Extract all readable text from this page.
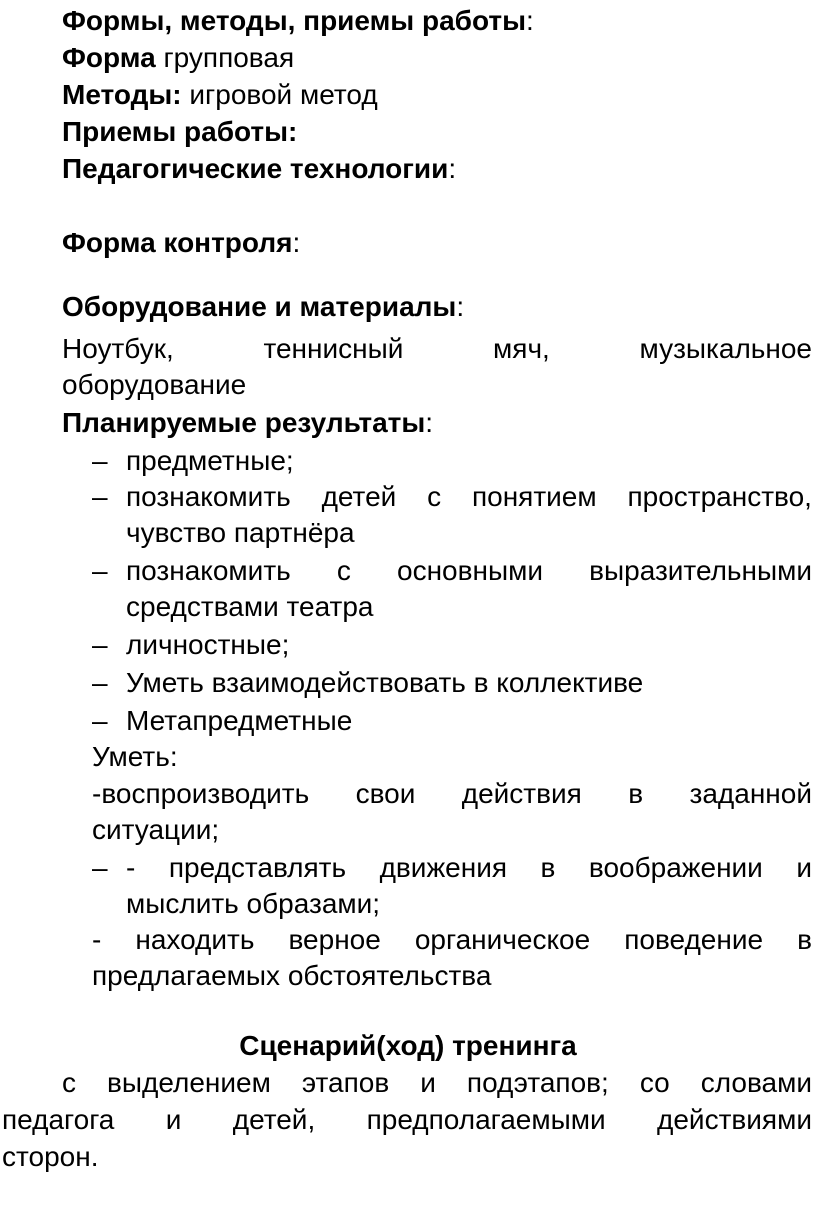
Формы, методы, приемы работы:
Форма групповая
Методы: игровой метод
Приемы работы:
Педагогические технологии:
Форма контроля:
Оборудование и материалы:
Ноутбук,	теннисный	мяч,	музыкальное
оборудование
Планируемые результаты:
– предметные;
– познакомить детей с понятием пространство,
чувство партнёра
– познакомить с основными выразительными
средствами театра
– личностные;
– Уметь взаимодействовать в коллективе
– Метапредметные
Уметь:
-воспроизводить свои действия в заданной
ситуации;
– - представлять движения в воображении и
мыслить образами;
- находить верное органическое поведение в
предлагаемых обстоятельства
Сценарий(ход) тренинга
с выделением этапов и подэтапов; со словами
педагога и детей, предполагаемыми действиями
сторон.
